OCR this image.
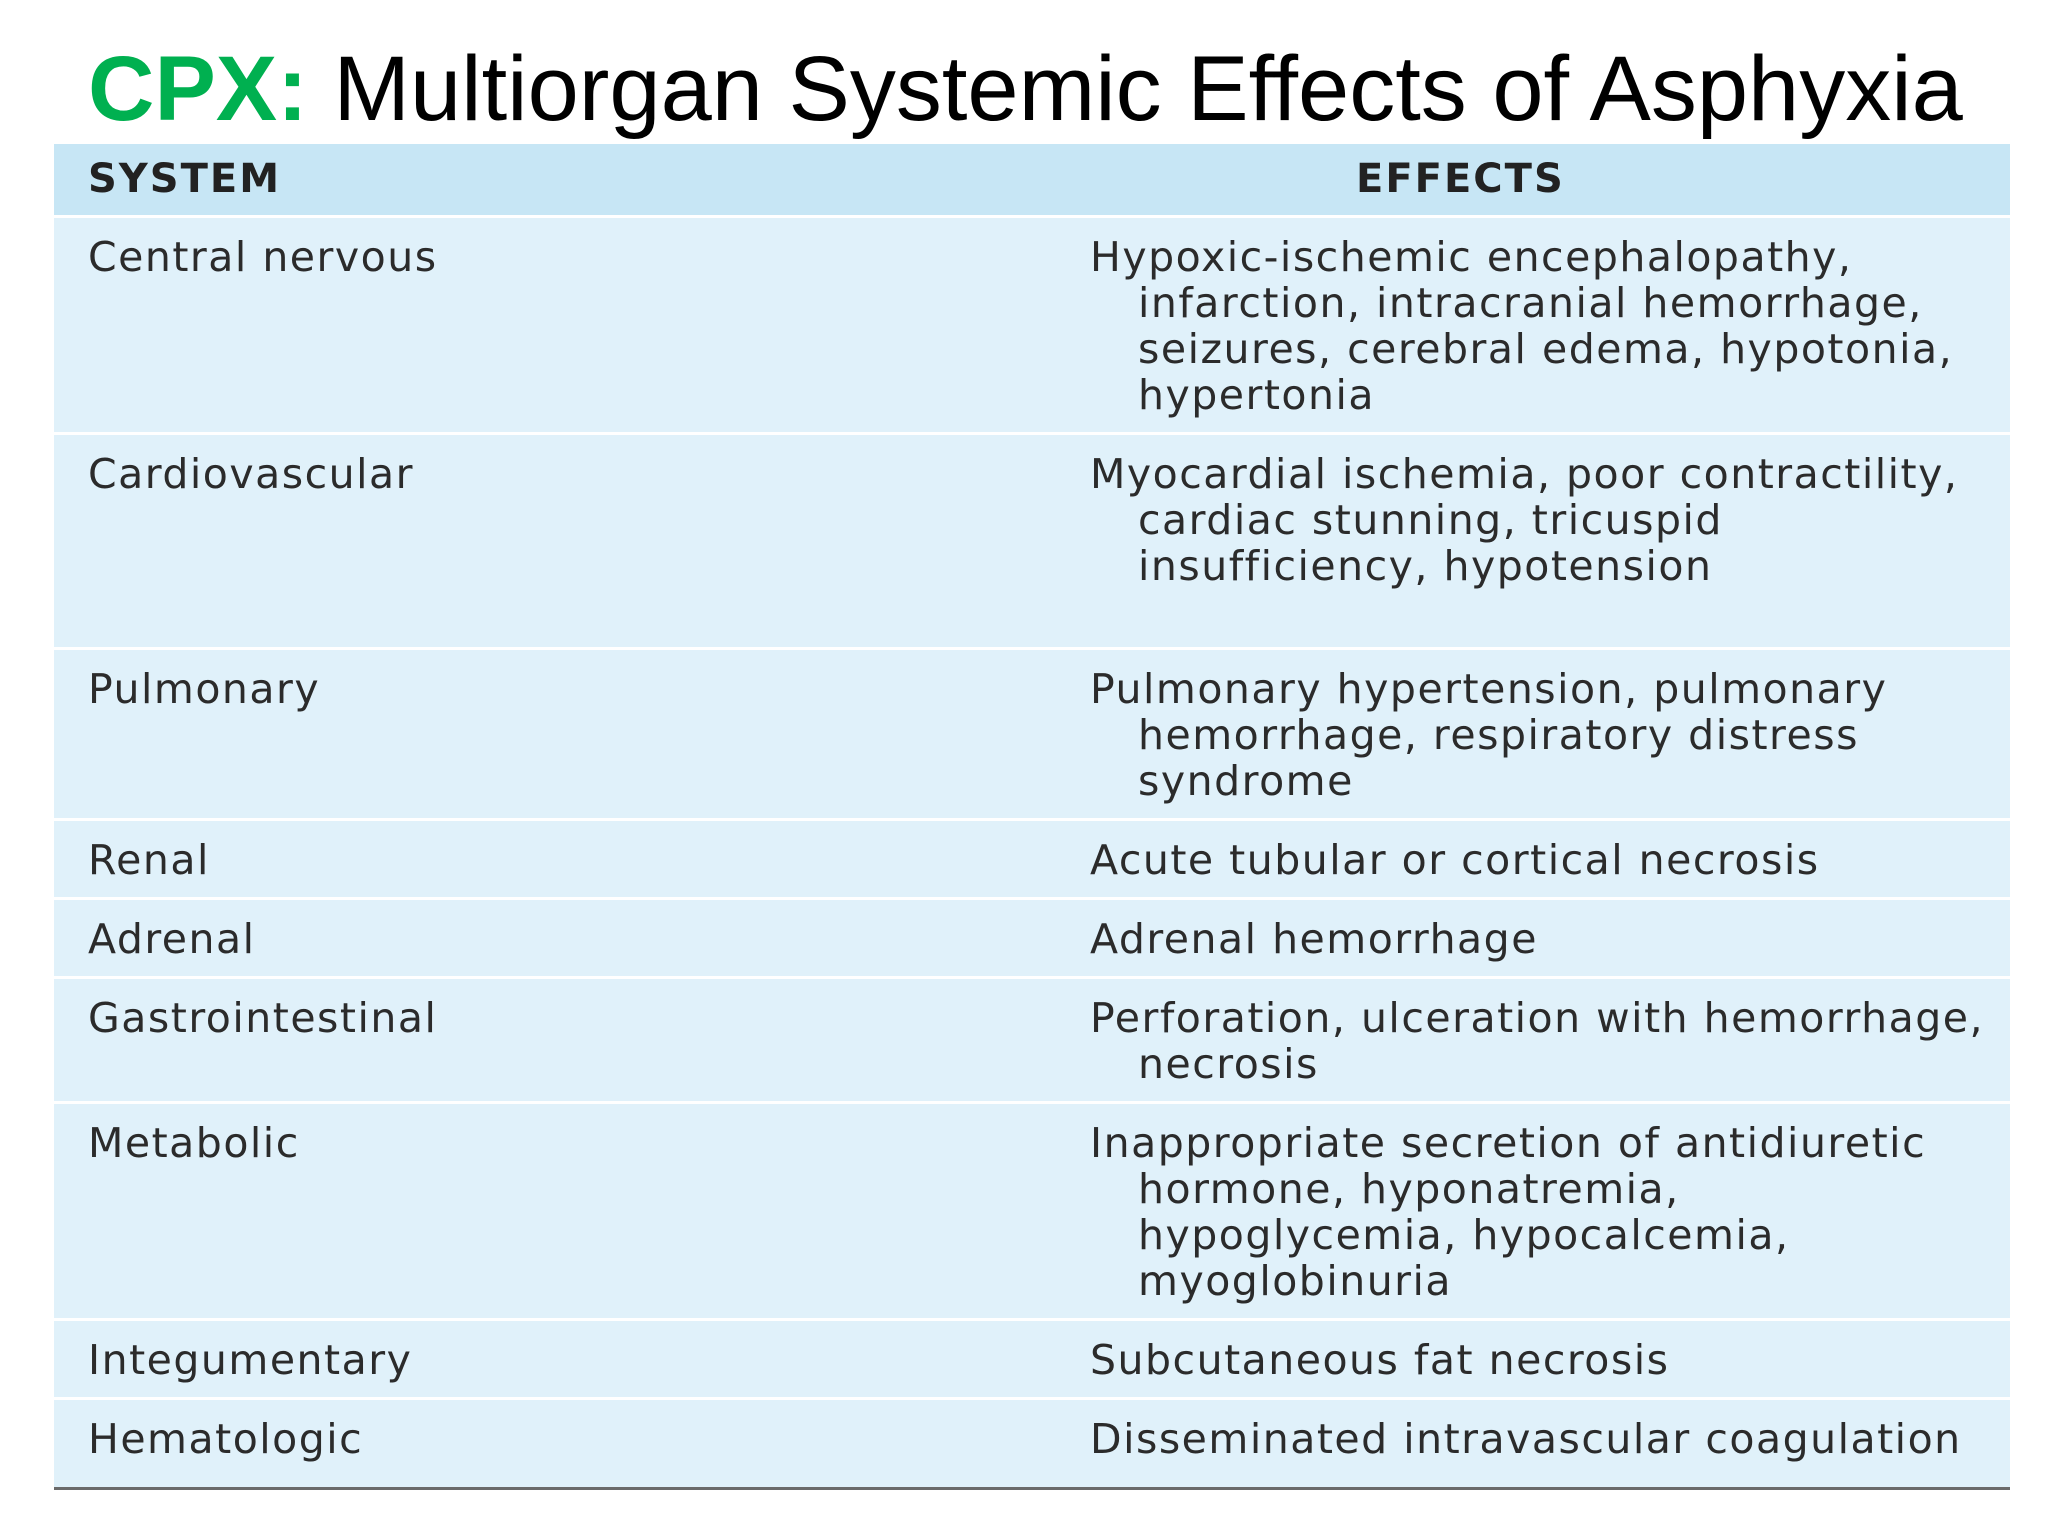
CPX: Multiorgan Systemic Effects of Asphyxia
SYSTEM	EFFECTS
Central nervous	Hypoxic-ischemic encephalopathy, infarction, intracranial hemorrhage, seizures, cerebral edema, hypotonia, hypertonia

Cardiovascular	Myocardial ischemia, poor contractility, cardiac stunning, tricuspid insufficiency, hypotension

Pulmonary	Pulmonary hypertension, pulmonary hemorrhage, respiratory distress syndrome

Renal	Acute tubular or cortical necrosis

Adrenal	Adrenal hemorrhage

Gastrointestinal	Perforation, ulceration with hemorrhage, necrosis

Metabolic	Inappropriate secretion of antidiuretic hormone, hyponatremia, hypoglycemia, hypocalcemia, myoglobinuria

Integumentary	Subcutaneous fat necrosis

Hematologic	Disseminated intravascular coagulation
